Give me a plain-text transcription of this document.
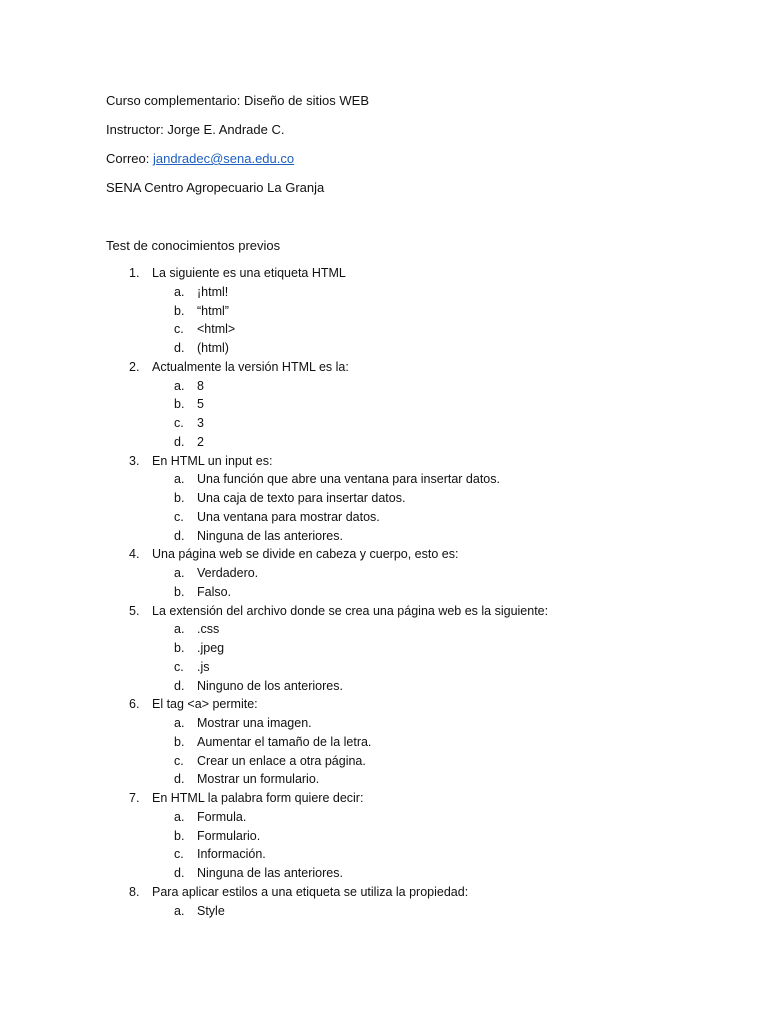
Curso complementario: Diseño de sitios WEB
Instructor: Jorge E. Andrade C.
Correo: jandradec@sena.edu.co
SENA Centro Agropecuario La Granja
Test de conocimientos previos
1. La siguiente es una etiqueta HTML
a. ¡html!
b. “html”
c. <html>
d. (html)
2. Actualmente la versión HTML es la:
a. 8
b. 5
c. 3
d. 2
3. En HTML un input es:
a. Una función que abre una ventana para insertar datos.
b. Una caja de texto para insertar datos.
c. Una ventana para mostrar datos.
d. Ninguna de las anteriores.
4. Una página web se divide en cabeza y cuerpo, esto es:
a. Verdadero.
b. Falso.
5. La extensión del archivo donde se crea una página web es la siguiente:
a. .css
b. .jpeg
c. .js
d. Ninguno de los anteriores.
6. El tag <a> permite:
a. Mostrar una imagen.
b. Aumentar el tamaño de la letra.
c. Crear un enlace a otra página.
d. Mostrar un formulario.
7. En HTML la palabra form quiere decir:
a. Formula.
b. Formulario.
c. Información.
d. Ninguna de las anteriores.
8. Para aplicar estilos a una etiqueta se utiliza la propiedad:
a. Style
